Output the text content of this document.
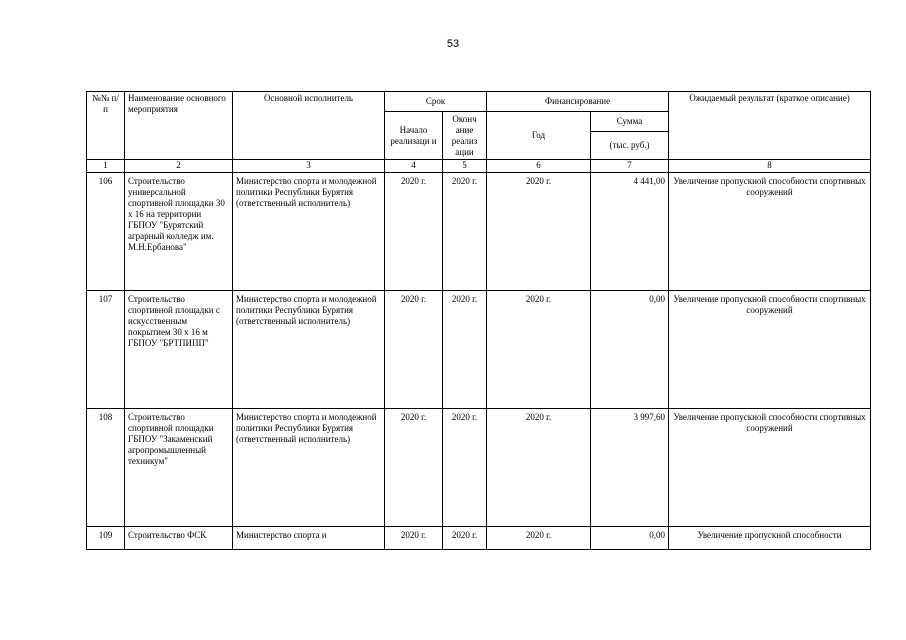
53
№№ п/п	Наименование основного мероприятия	Основной исполнитель	Срок		Финансирование		Ожидаемый результат (краткое описание)
			Начало реализаци и	Оконч ание реализ ации	Год	Сумма	
						(тыс. руб.)	
1	2	3	4	5	6	7	8
106	Строительство универсальной спортивной площадки 30 х 16 на территории ГБПОУ "Бурятский аграрный колледж им. М.Н.Ербанова"	Министерство спорта и молодежной политики Республики Бурятия (ответственный исполнитель)	2020 г.	2020 г.	2020 г.	4 441,00	Увеличение пропускной способности спортивных сооружений
107	Строительство спортивной площадки с искусственным покрытием 30 х 16 м ГБПОУ "БРТПИПП"	Министерство спорта и молодежной политики Республики Бурятия (ответственный исполнитель)	2020 г.	2020 г.	2020 г.	0,00	Увеличение пропускной способности спортивных сооружений
108	Строительство спортивной площадки ГБПОУ "Закаменский агропромышленный техникум"	Министерство спорта и молодежной политики Республики Бурятия (ответственный исполнитель)	2020 г.	2020 г.	2020 г.	3 997,60	Увеличение пропускной способности спортивных сооружений
109	Строительство ФСК	Министерство спорта и	2020 г.	2020 г.	2020 г.	0,00	Увеличение пропускной способности
